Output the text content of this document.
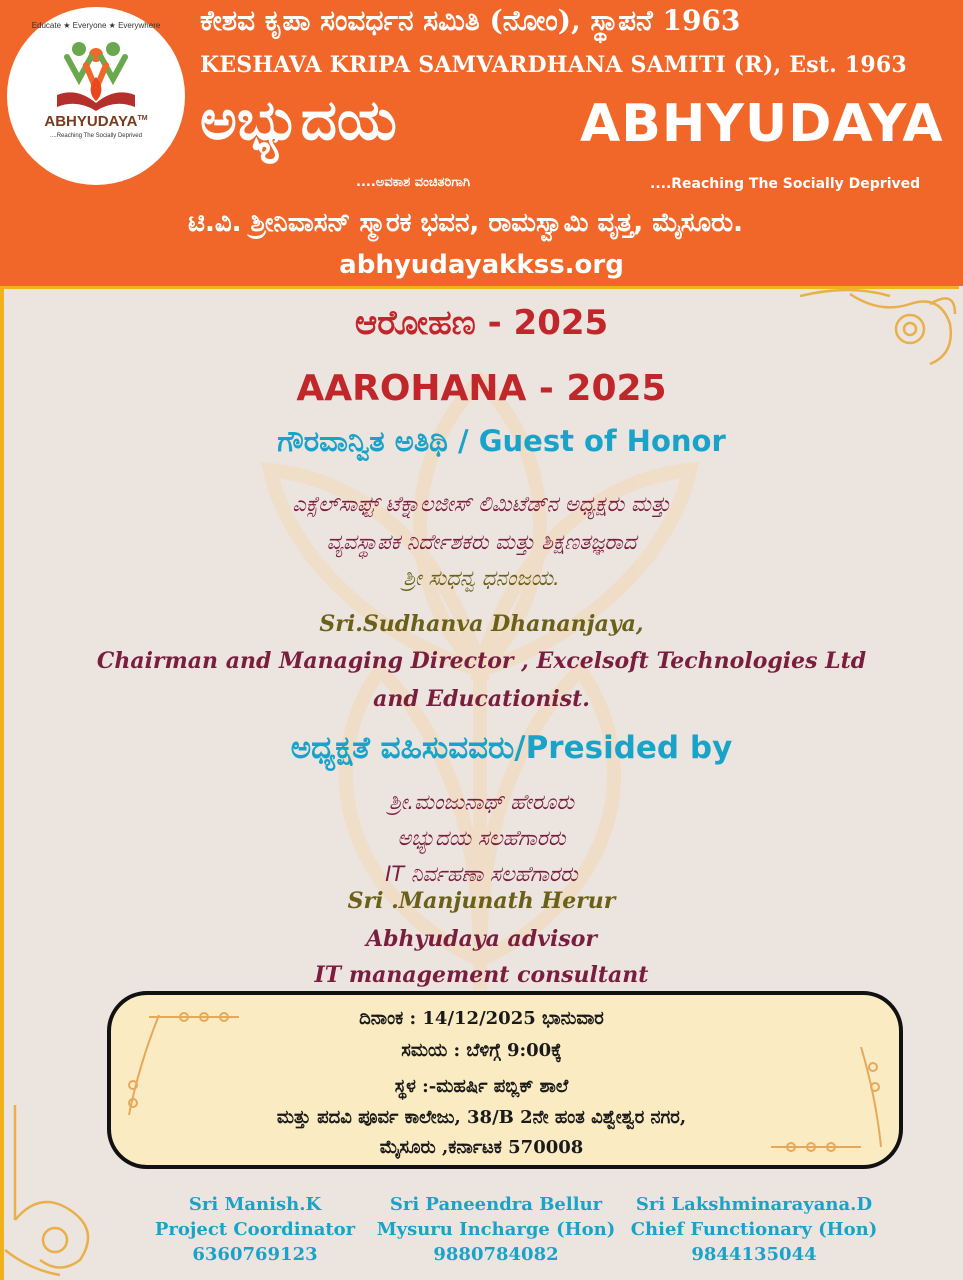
Educate ★ Everyone ★ Everywhere
ABHYUDAYA™
....Reaching The Socially Deprived
ಕೇಶವ ಕೃಪಾ ಸಂವರ್ಧನ ಸಮಿತಿ (ನೋಂ), ಸ್ಥಾಪನೆ 1963
KESHAVA KRIPA SAMVARDHANA SAMITI (R), Est. 1963
ಅಭ್ಯುದಯ	ABHYUDAYA
....ಅವಕಾಶ ವಂಚಿತರಿಗಾಗಿ	....Reaching The Socially Deprived
ಟಿ.ವಿ. ಶ್ರೀನಿವಾಸನ್ ಸ್ಮಾರಕ ಭವನ, ರಾಮಸ್ವಾಮಿ ವೃತ್ತ, ಮೈಸೂರು.
abhyudayakkss.org
ಆರೋಹಣ - 2025
AAROHANA - 2025
ಗೌರವಾನ್ವಿತ ಅತಿಥಿ / Guest of Honor
ಎಕ್ಸೆಲ್‌ಸಾಫ್ಟ್ ಟೆಕ್ನಾಲಜೀಸ್ ಲಿಮಿಟೆಡ್‌ನ ಅಧ್ಯಕ್ಷರು ಮತ್ತು
ವ್ಯವಸ್ಥಾಪಕ ನಿರ್ದೇಶಕರು ಮತ್ತು ಶಿಕ್ಷಣತಜ್ಞರಾದ
ಶ್ರೀ ಸುಧನ್ವ ಧನಂಜಯ.
Sri.Sudhanva Dhananjaya,
Chairman and Managing Director , Excelsoft Technologies Ltd
and Educationist.
ಅಧ್ಯಕ್ಷತೆ ವಹಿಸುವವರು/Presided by
ಶ್ರೀ.ಮಂಜುನಾಥ್ ಹೇರೂರು
ಅಭ್ಯುದಯ ಸಲಹೆಗಾರರು
IT ನಿರ್ವಹಣಾ ಸಲಹೆಗಾರರು
Sri .Manjunath Herur
Abhyudaya advisor
IT management consultant
ದಿನಾಂಕ : 14/12/2025 ಭಾನುವಾರ
ಸಮಯ : ಬೆಳಿಗ್ಗೆ 9:00ಕ್ಕೆ
ಸ್ಥಳ :-ಮಹರ್ಷಿ ಪಬ್ಲಿಕ್ ಶಾಲೆ
ಮತ್ತು ಪದವಿ ಪೂರ್ವ ಕಾಲೇಜು, 38/B 2ನೇ ಹಂತ ವಿಶ್ವೇಶ್ವರ ನಗರ,
ಮೈಸೂರು ,ಕರ್ನಾಟಕ 570008
Sri Manish.K
Project Coordinator
6360769123
Sri Paneendra Bellur
Mysuru Incharge (Hon)
9880784082
Sri Lakshminarayana.D
Chief Functionary (Hon)
9844135044
